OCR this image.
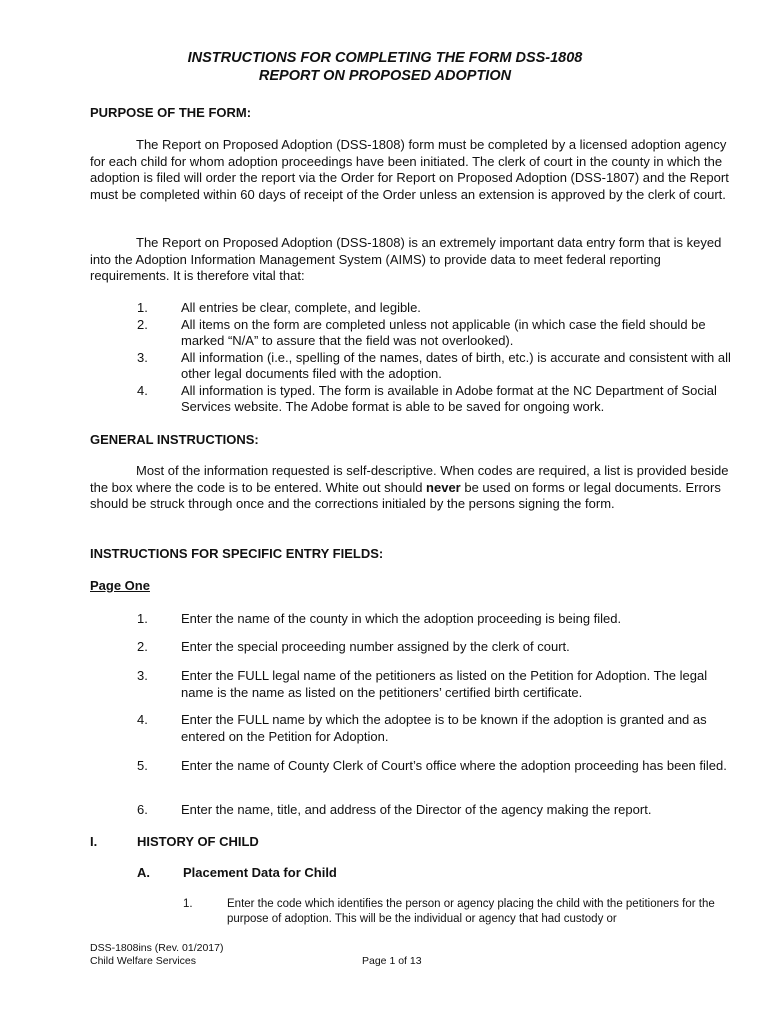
INSTRUCTIONS FOR COMPLETING THE FORM DSS-1808
REPORT ON PROPOSED ADOPTION
PURPOSE OF THE FORM:

The Report on Proposed Adoption (DSS-1808) form must be completed by a licensed adoption agency for each child for whom adoption proceedings have been initiated. The clerk of court in the county in which the adoption is filed will order the report via the Order for Report on Proposed Adoption (DSS-1807) and the Report must be completed within 60 days of receipt of the Order unless an extension is approved by the clerk of court.

The Report on Proposed Adoption (DSS-1808) is an extremely important data entry form that is keyed into the Adoption Information Management System (AIMS) to provide data to meet federal reporting requirements. It is therefore vital that:

1.	All entries be clear, complete, and legible.
2.	All items on the form are completed unless not applicable (in which case the field should be marked “N/A” to assure that the field was not overlooked).
3.	All information (i.e., spelling of the names, dates of birth, etc.) is accurate and consistent with all other legal documents filed with the adoption.
4.	All information is typed. The form is available in Adobe format at the NC Department of Social Services website. The Adobe format is able to be saved for ongoing work.
GENERAL INSTRUCTIONS:

Most of the information requested is self-descriptive. When codes are required, a list is provided beside the box where the code is to be entered. White out should never be used on forms or legal documents. Errors should be struck through once and the corrections initialed by the persons signing the form.

INSTRUCTIONS FOR SPECIFIC ENTRY FIELDS:
Page One
1.	Enter the name of the county in which the adoption proceeding is being filed.
2.	Enter the special proceeding number assigned by the clerk of court.
3.	Enter the FULL legal name of the petitioners as listed on the Petition for Adoption. The legal name is the name as listed on the petitioners’ certified birth certificate.
4.	Enter the FULL name by which the adoptee is to be known if the adoption is granted and as entered on the Petition for Adoption.
5.	Enter the name of County Clerk of Court’s office where the adoption proceeding has been filed.
6.	Enter the name, title, and address of the Director of the agency making the report.
I.	HISTORY OF CHILD
A.	Placement Data for Child
1.	Enter the code which identifies the person or agency placing the child with the petitioners for the purpose of adoption. This will be the individual or agency that had custody or
DSS-1808ins (Rev. 01/2017)
Child Welfare Services	Page 1 of 13
